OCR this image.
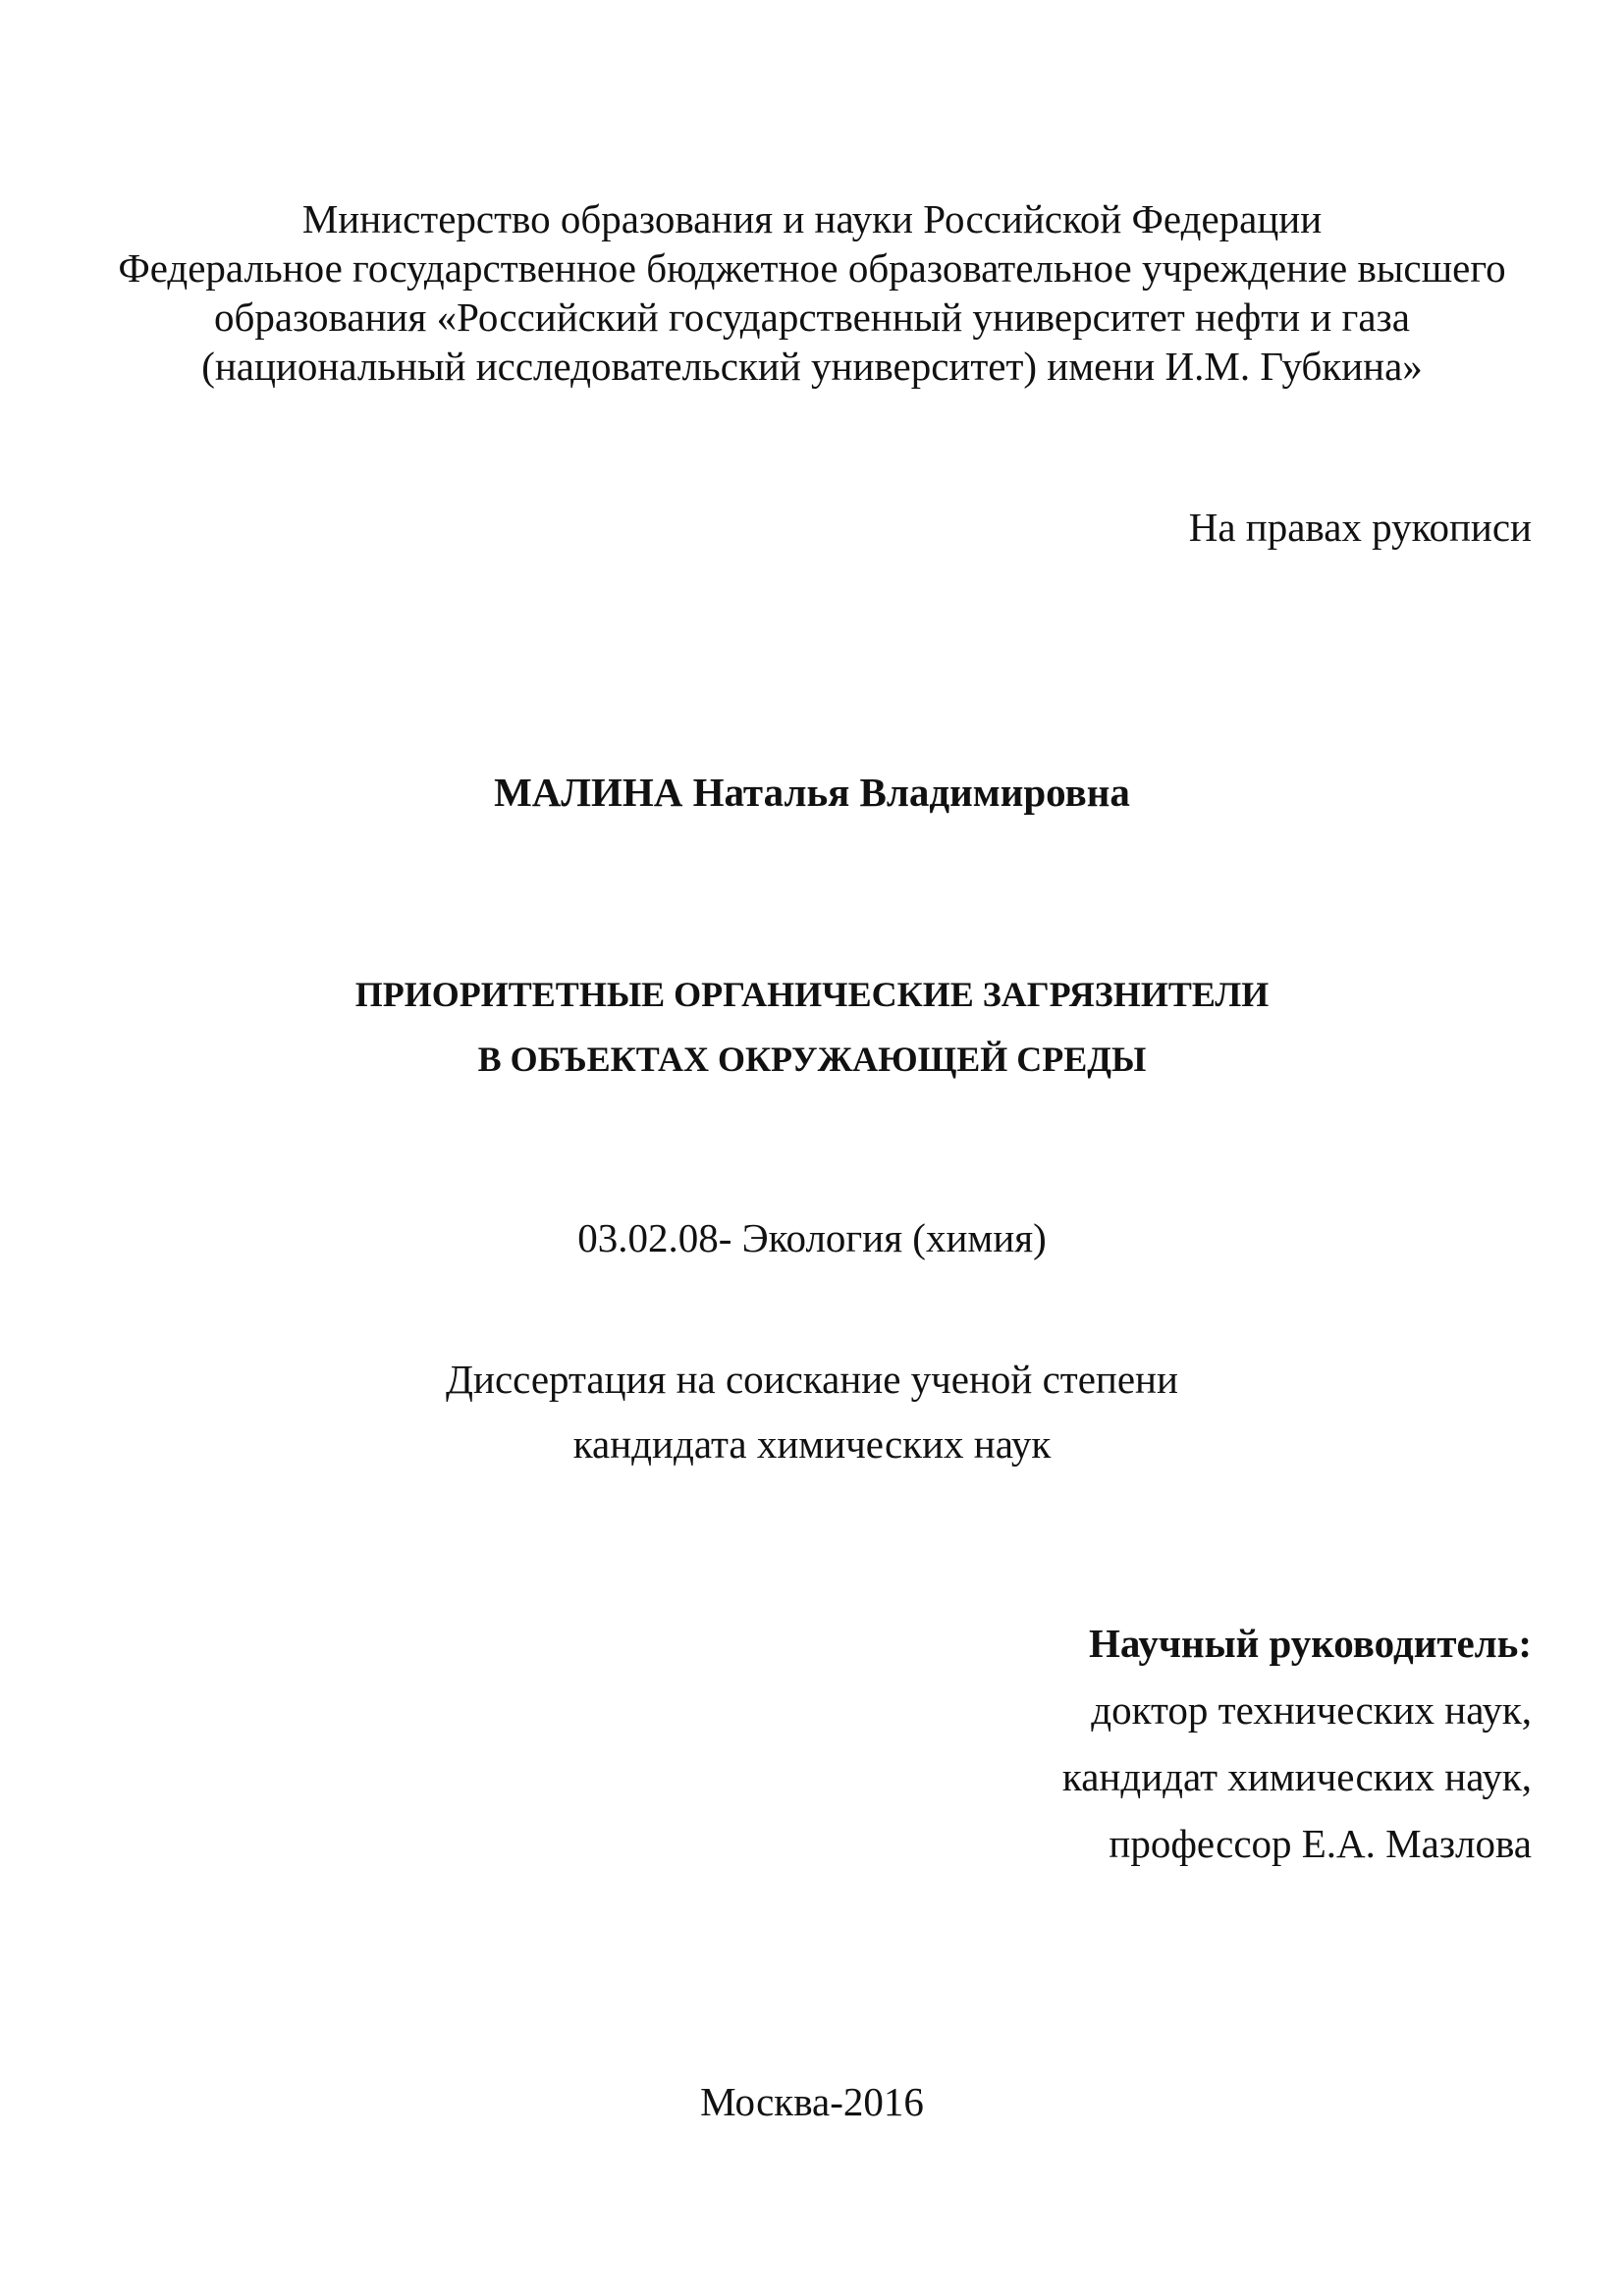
Министерство образования и науки Российской Федерации
Федеральное государственное бюджетное образовательное учреждение высшего
образования «Российский государственный университет нефти и газа
(национальный исследовательский университет) имени И.М. Губкина»
На правах рукописи
МАЛИНА Наталья Владимировна
ПРИОРИТЕТНЫЕ ОРГАНИЧЕСКИЕ ЗАГРЯЗНИТЕЛИ
В ОБЪЕКТАХ ОКРУЖАЮЩЕЙ СРЕДЫ
03.02.08- Экология (химия)
Диссертация на соискание ученой степени
кандидата химических наук
Научный руководитель:
доктор технических наук,
кандидат химических наук,
профессор Е.А. Мазлова
Москва-2016
